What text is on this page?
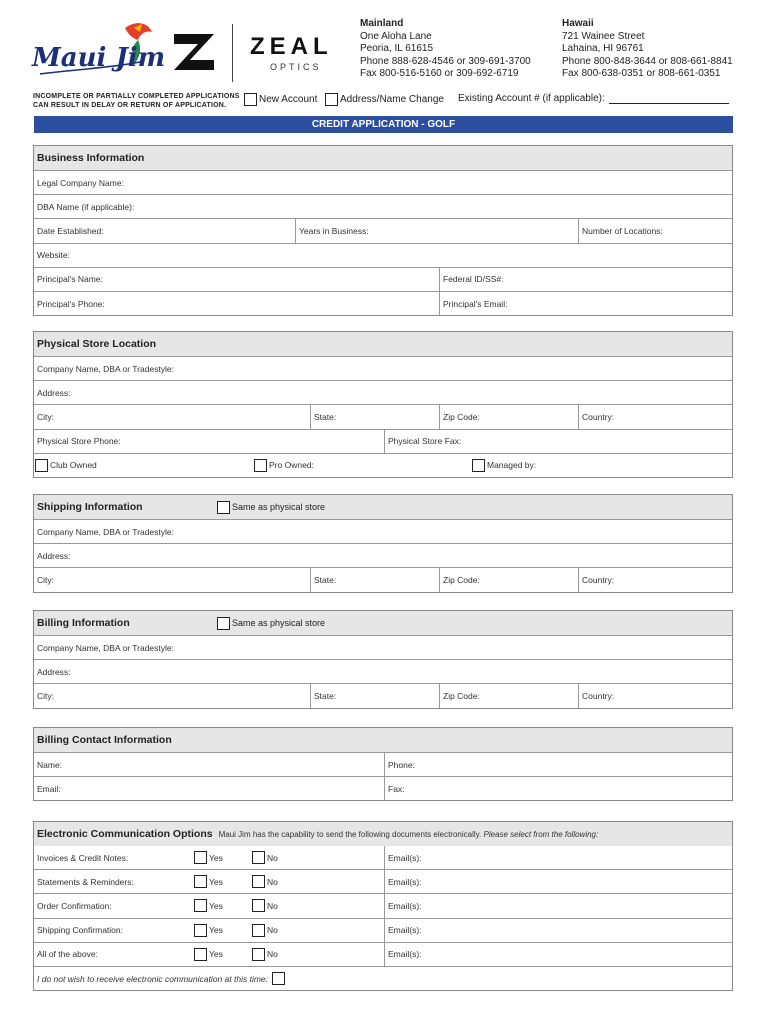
Maui Jim	ZEAL
OPTICS
Mainland
One Aloha Lane
Peoria, IL 61615
Phone 888-628-4546 or 309-691-3700
Fax 800-516-5160 or 309-692-6719
Hawaii
721 Wainee Street
Lahaina, HI 96761
Phone 800-848-3644 or 808-661-8841
Fax 800-638-0351 or 808-661-0351
INCOMPLETE OR PARTIALLY COMPLETED APPLICATIONS
CAN RESULT IN DELAY OR RETURN OF APPLICATION.
New Account Address/Name Change Existing Account # (if applicable):
CREDIT APPLICATION - GOLF
Business Information
Legal Company Name:
DBA Name (if applicable):
Date Established:	Years in Business:	Number of Locations:
Website:
Principal's Name:	Federal ID/SS#:
Principal's Phone:	Principal's Email:
Physical Store Location
Company Name, DBA or Tradestyle:
Address:
City:	State:	Zip Code:	Country:
Physical Store Phone:	Physical Store Fax:
Club Owned	Pro Owned:	Managed by:
Shipping Information	Same as physical store
Company Name, DBA or Tradestyle:
Address:
City:	State:	Zip Code:	Country:
Billing Information	Same as physical store
Company Name, DBA or Tradestyle:
Address:
City:	State:	Zip Code:	Country:
Billing Contact Information
Name:	Phone:
Email:	Fax:
Electronic Communication Options Maui Jim has the capability to send the following documents electronically. Please select from the following:
Invoices & Credit Notes:	Yes	No	Email(s):
Statements & Reminders:	Yes	No	Email(s):
Order Confirmation:	Yes	No	Email(s):
Shipping Confirmation:	Yes	No	Email(s):
All of the above:	Yes	No	Email(s):
I do not wish to receive electronic communication at this time:
